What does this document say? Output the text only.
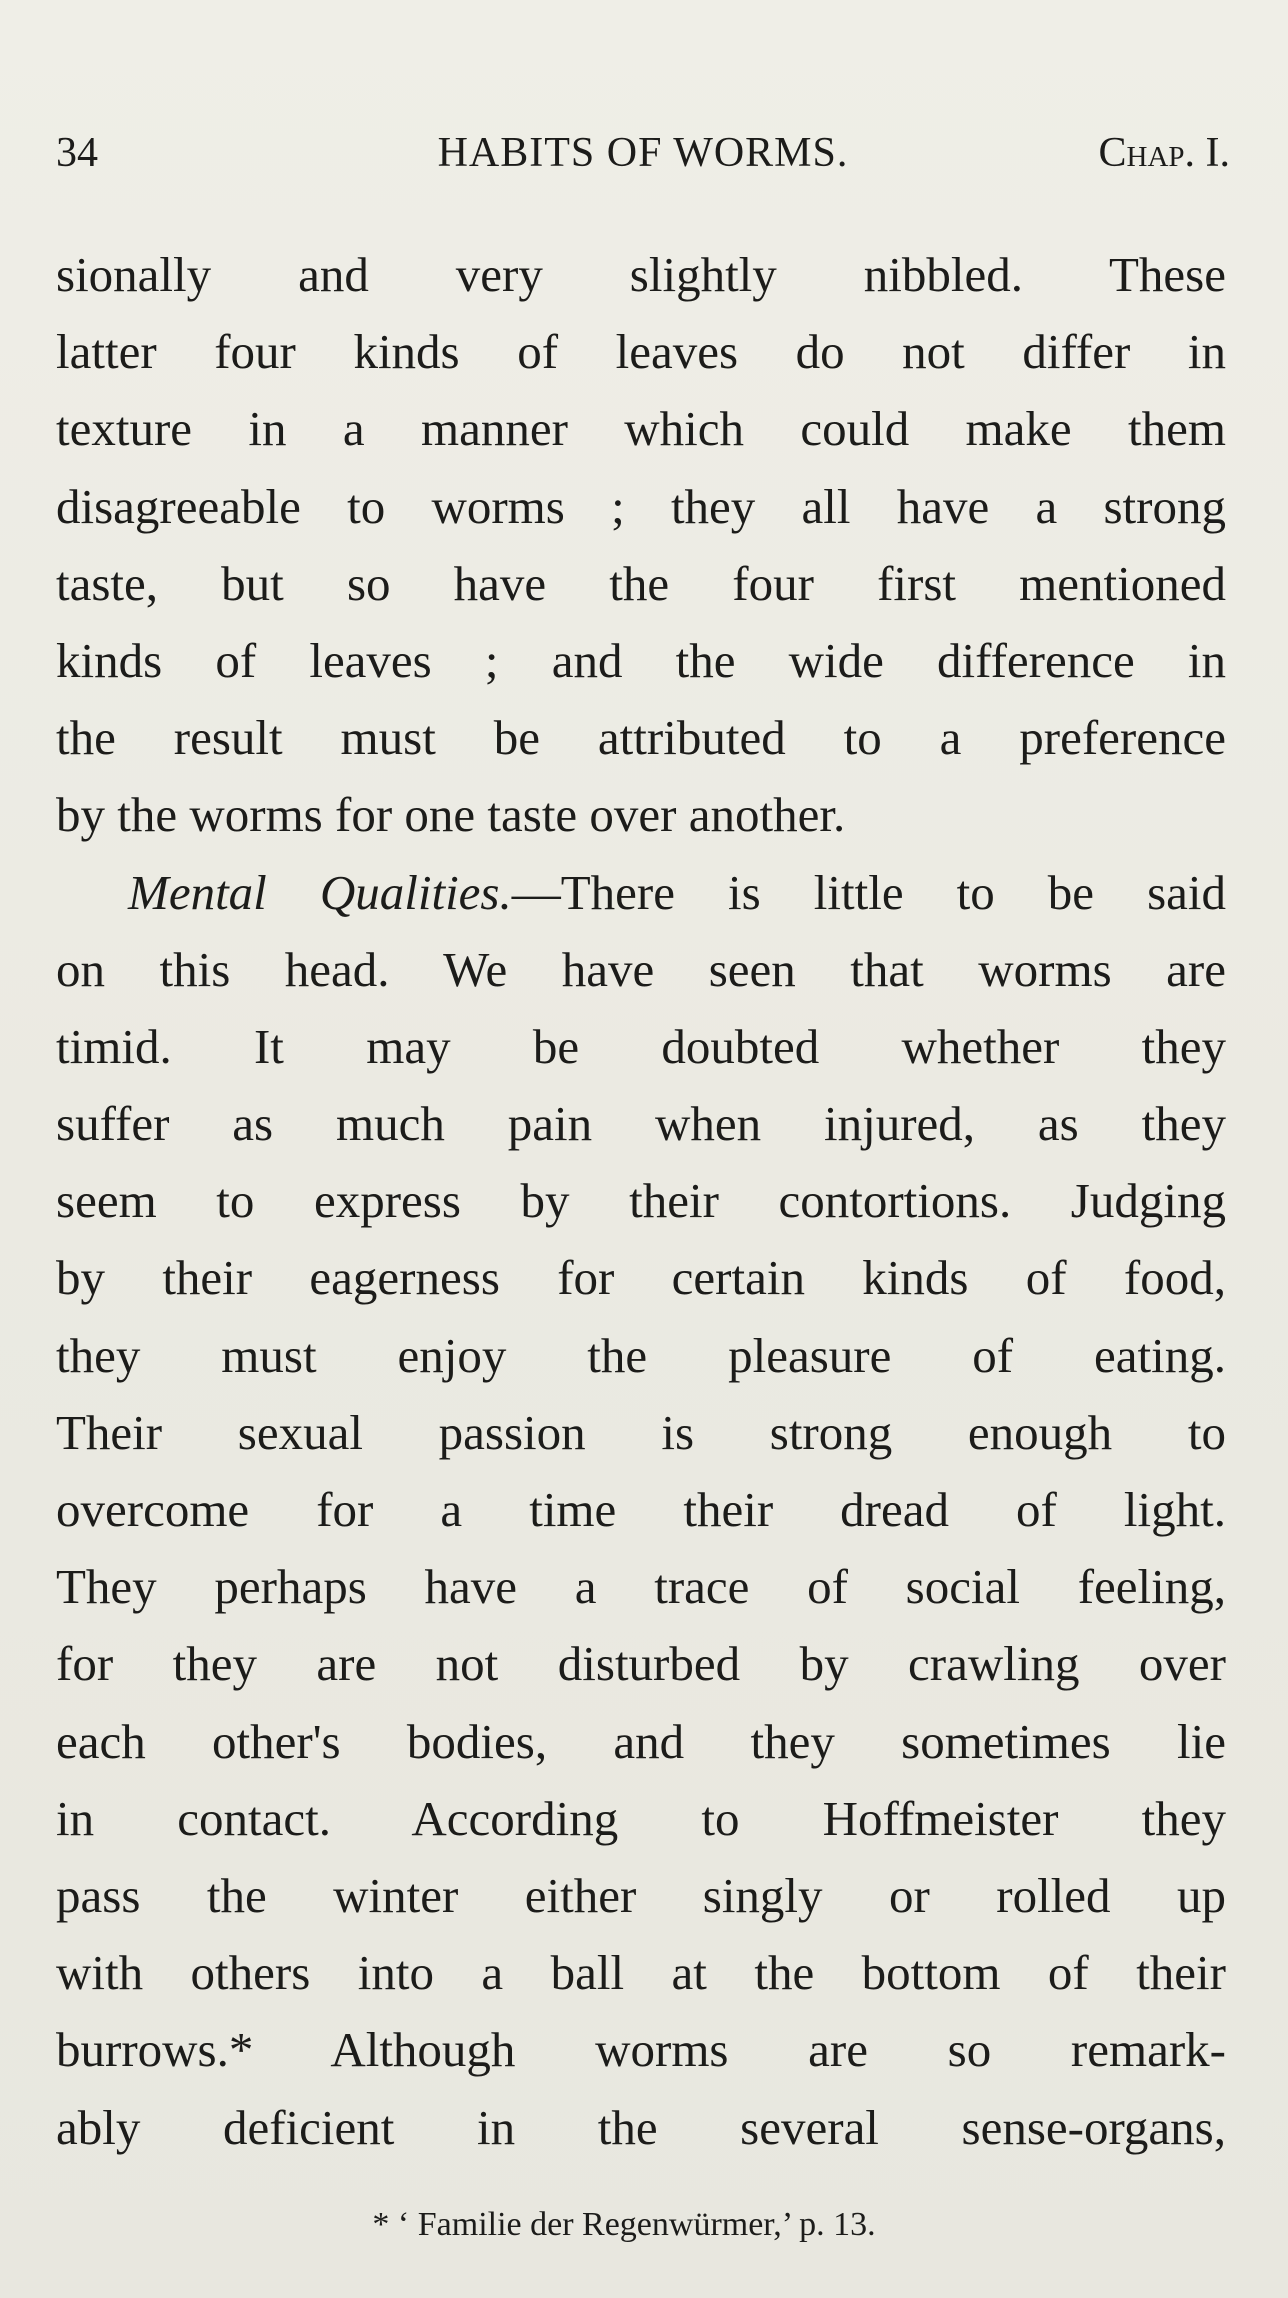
34	HABITS OF WORMS.	Chap. I.
sionally and very slightly nibbled. These
latter four kinds of leaves do not differ in
texture in a manner which could make them
disagreeable to worms ; they all have a strong
taste, but so have the four first mentioned
kinds of leaves ; and the wide difference in
the result must be attributed to a preference
by the worms for one taste over another.
Mental Qualities.—There is little to be said
on this head. We have seen that worms are
timid. It may be doubted whether they
suffer as much pain when injured, as they
seem to express by their contortions. Judging
by their eagerness for certain kinds of food,
they must enjoy the pleasure of eating.
Their sexual passion is strong enough to
overcome for a time their dread of light.
They perhaps have a trace of social feeling,
for they are not disturbed by crawling over
each other's bodies, and they sometimes lie
in contact. According to Hoffmeister they
pass the winter either singly or rolled up
with others into a ball at the bottom of their
burrows.* Although worms are so remark-
ably deficient in the several sense-organs,
* ‘ Familie der Regenwürmer,’ p. 13.
